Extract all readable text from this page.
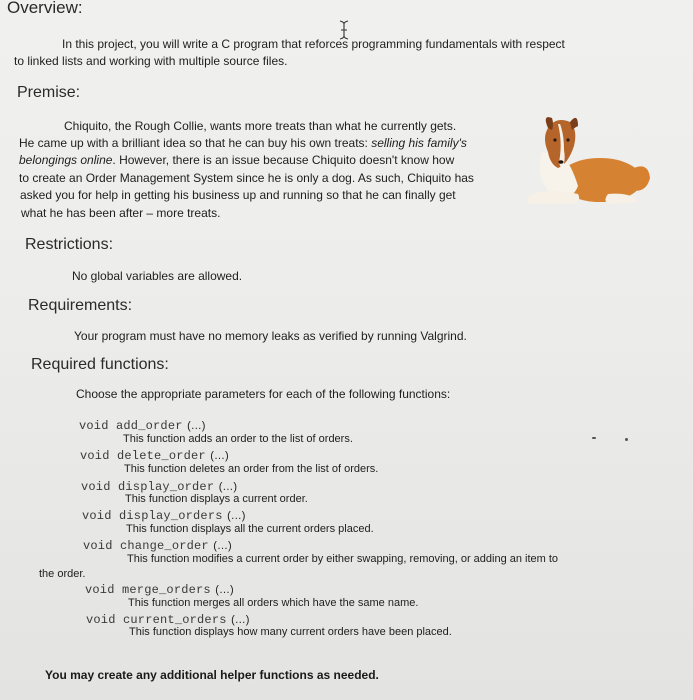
Overview:
In this project, you will write a C program that reforces programming fundamentals with respect
to linked lists and working with multiple source files.
Premise:
Chiquito, the Rough Collie, wants more treats than what he currently gets.
He came up with a brilliant idea so that he can buy his own treats: selling his family's
belongings online. However, there is an issue because Chiquito doesn't know how
to create an Order Management System since he is only a dog. As such, Chiquito has
asked you for help in getting his business up and running so that he can finally get
what he has been after – more treats.
Restrictions:
No global variables are allowed.
Requirements:
Your program must have no memory leaks as verified by running Valgrind.
Required functions:
Choose the appropriate parameters for each of the following functions:
void add_order (…)
This function adds an order to the list of orders.
void delete_order (…)
This function deletes an order from the list of orders.
void display_order (…)
This function displays a current order.
void display_orders (…)
This function displays all the current orders placed.
void change_order (…)
This function modifies a current order by either swapping, removing, or adding an item to
the order.
void merge_orders (…)
This function merges all orders which have the same name.
void current_orders (…)
This function displays how many current orders have been placed.
You may create any additional helper functions as needed.
